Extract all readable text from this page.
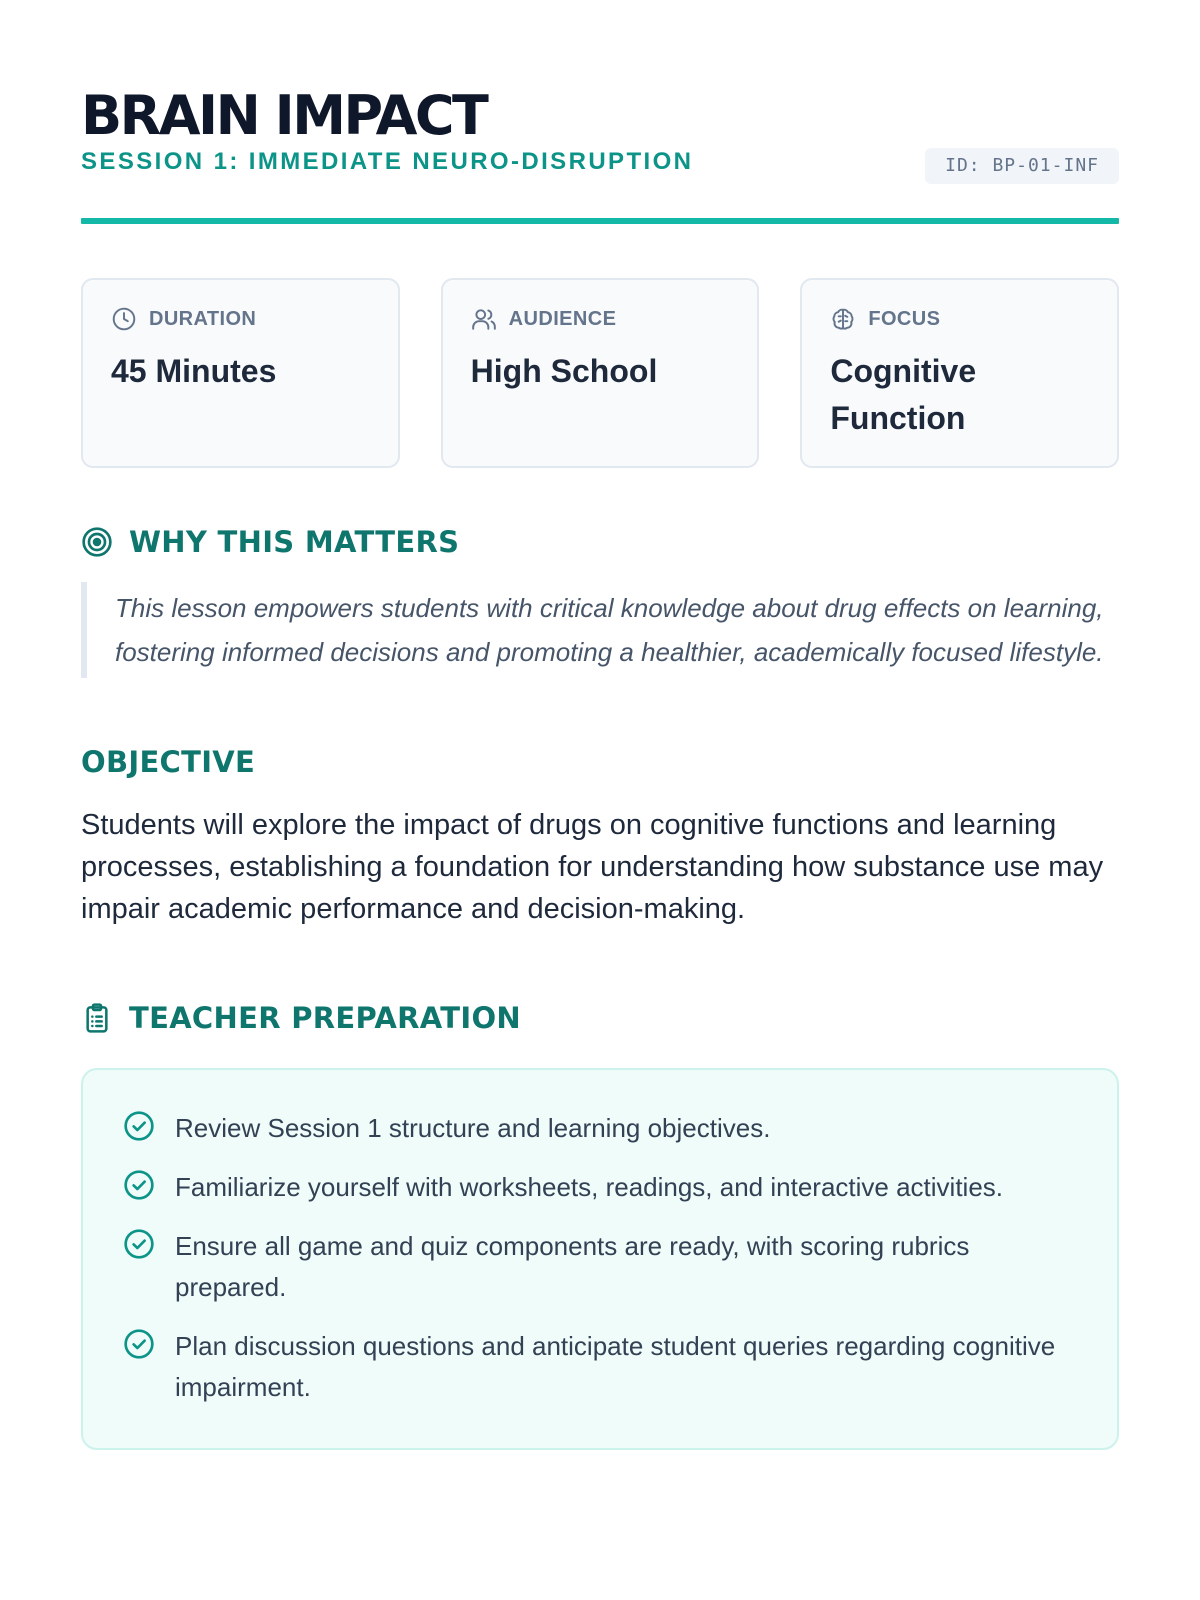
BRAIN IMPACT
SESSION 1: IMMEDIATE NEURO-DISRUPTION	ID: BP-01-INF
DURATION
45 Minutes
AUDIENCE
High School
FOCUS
Cognitive Function
WHY THIS MATTERS
This lesson empowers students with critical knowledge about drug effects on learning, fostering informed decisions and promoting a healthier, academically focused lifestyle.
OBJECTIVE
Students will explore the impact of drugs on cognitive functions and learning processes, establishing a foundation for understanding how substance use may impair academic performance and decision-making.
TEACHER PREPARATION
Review Session 1 structure and learning objectives.
Familiarize yourself with worksheets, readings, and interactive activities.
Ensure all game and quiz components are ready, with scoring rubrics prepared.
Plan discussion questions and anticipate student queries regarding cognitive impairment.
